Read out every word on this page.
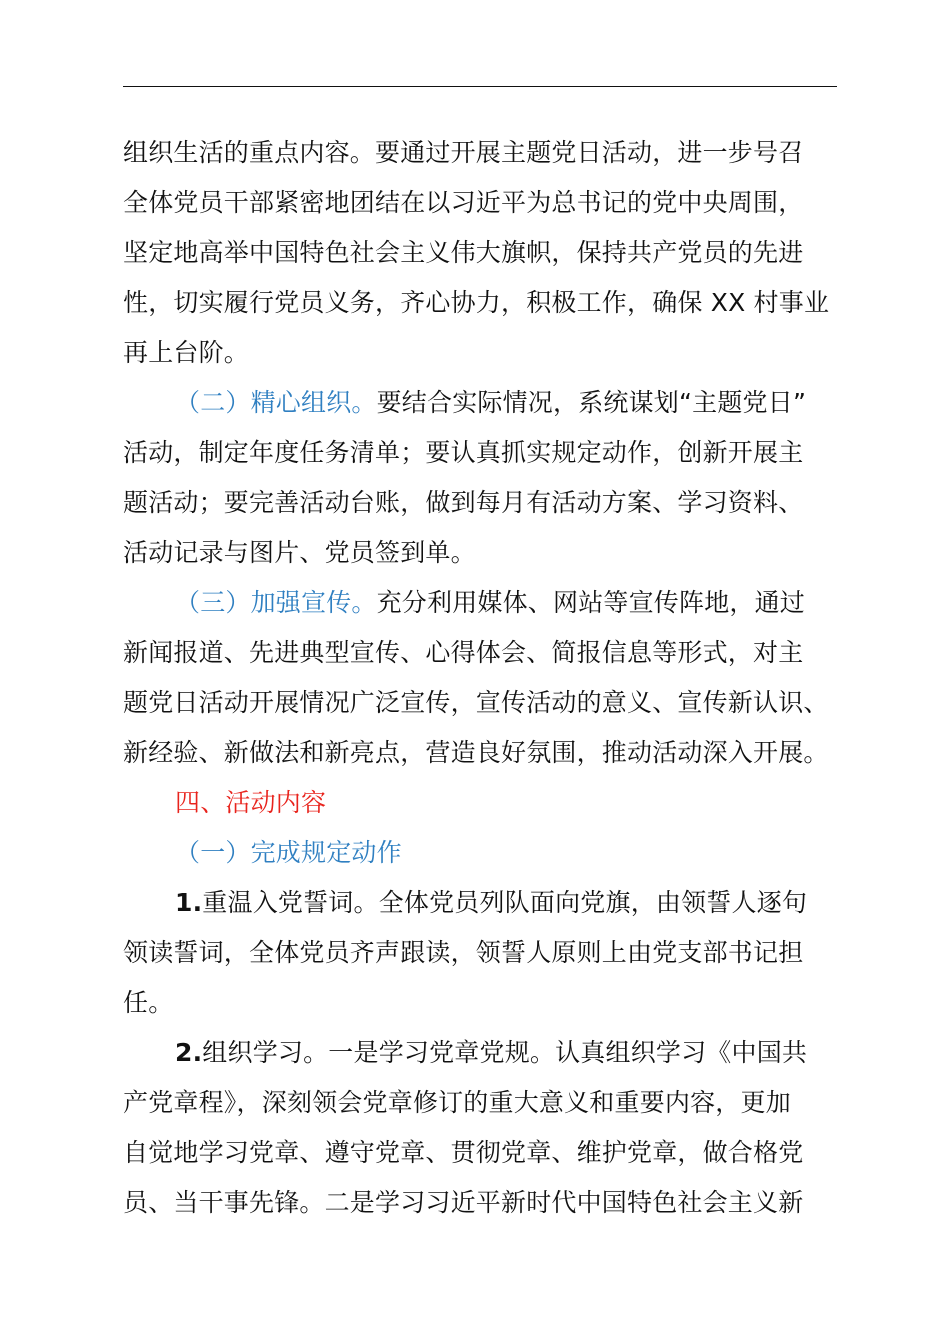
组织生活的重点内容。要通过开展主题党日活动，进一步号召
全体党员干部紧密地团结在以习近平为总书记的党中央周围，
坚定地高举中国特色社会主义伟大旗帜，保持共产党员的先进
性，切实履行党员义务，齐心协力，积极工作，确保 XX 村事业
再上台阶。
（二）精心组织。要结合实际情况，系统谋划“主题党日”
活动，制定年度任务清单；要认真抓实规定动作，创新开展主
题活动；要完善活动台账，做到每月有活动方案、学习资料、
活动记录与图片、党员签到单。
（三）加强宣传。充分利用媒体、网站等宣传阵地，通过
新闻报道、先进典型宣传、心得体会、简报信息等形式，对主
题党日活动开展情况广泛宣传，宣传活动的意义、宣传新认识、
新经验、新做法和新亮点，营造良好氛围，推动活动深入开展。
四、活动内容
（一）完成规定动作
1.重温入党誓词。全体党员列队面向党旗，由领誓人逐句
领读誓词，全体党员齐声跟读，领誓人原则上由党支部书记担
任。
2.组织学习。一是学习党章党规。认真组织学习《中国共
产党章程》，深刻领会党章修订的重大意义和重要内容，更加
自觉地学习党章、遵守党章、贯彻党章、维护党章，做合格党
员、当干事先锋。二是学习习近平新时代中国特色社会主义新
